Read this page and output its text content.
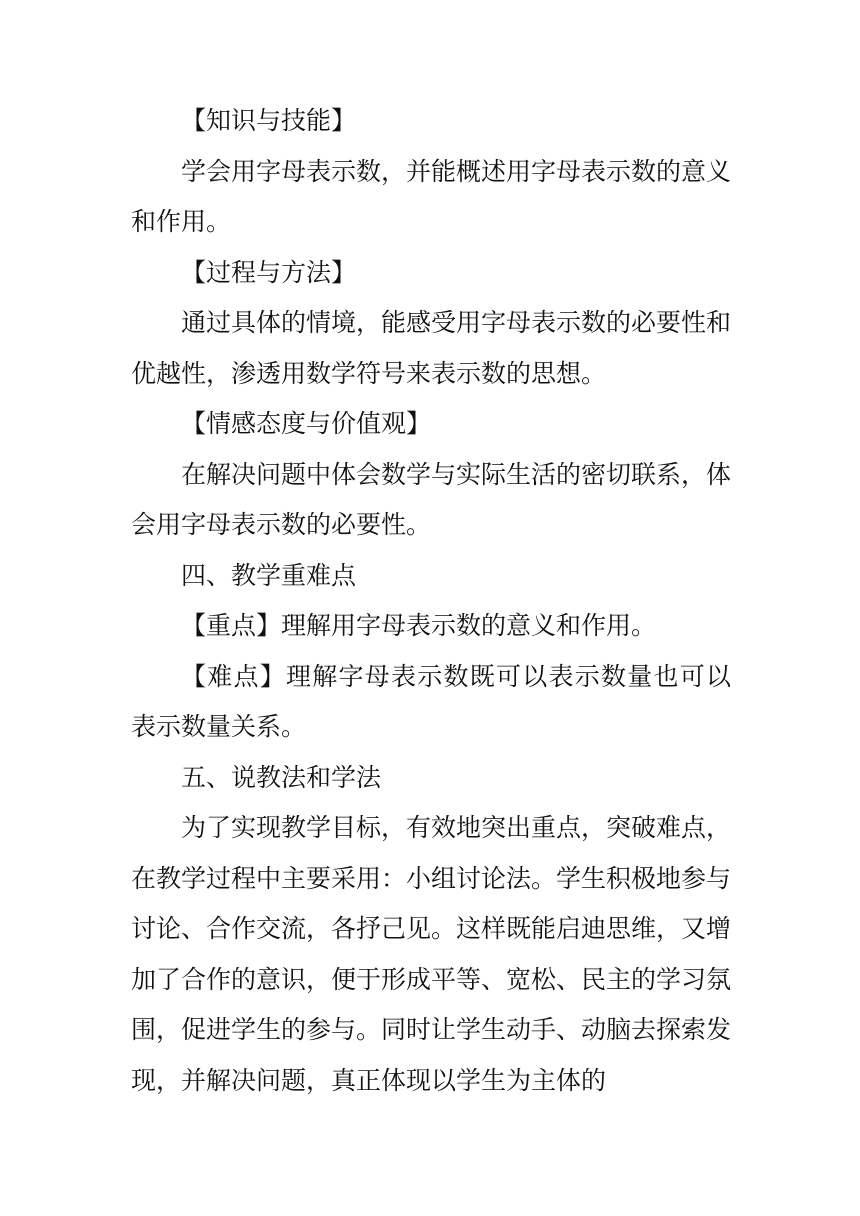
【知识与技能】

学会用字母表示数，并能概述用字母表示数的意义和作用。

【过程与方法】

通过具体的情境，能感受用字母表示数的必要性和优越性，渗透用数学符号来表示数的思想。

【情感态度与价值观】

在解决问题中体会数学与实际生活的密切联系，体会用字母表示数的必要性。

四、教学重难点

【重点】理解用字母表示数的意义和作用。

【难点】理解字母表示数既可以表示数量也可以表示数量关系。

五、说教法和学法

为了实现教学目标，有效地突出重点，突破难点，在教学过程中主要采用：小组讨论法。学生积极地参与讨论、合作交流，各抒己见。这样既能启迪思维，又增加了合作的意识，便于形成平等、宽松、民主的学习氛围，促进学生的参与。同时让学生动手、动脑去探索发现，并解决问题，真正体现以学生为主体的
